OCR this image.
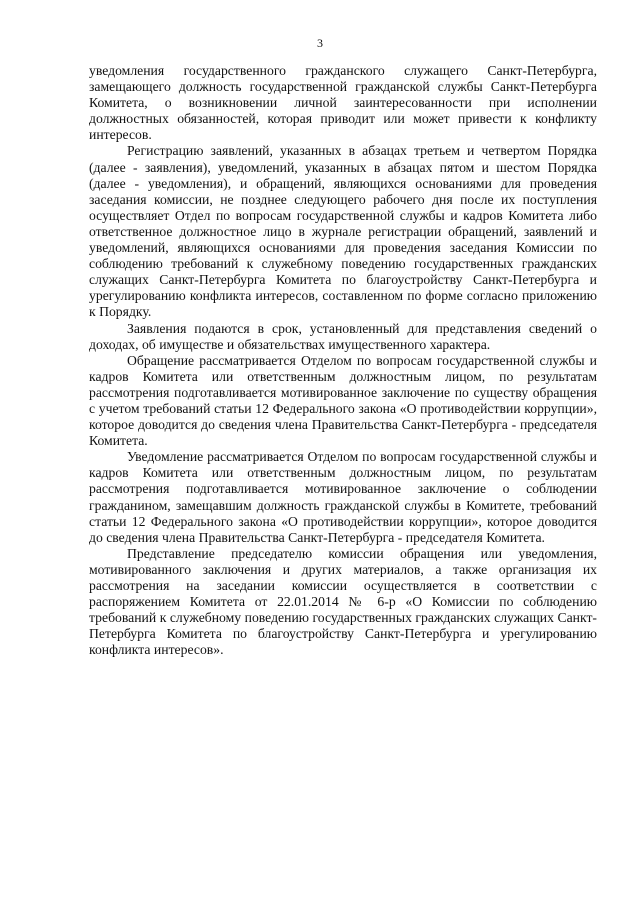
3

уведомления государственного гражданского служащего Санкт-Петербурга, замещающего должность государственной гражданской службы Санкт-Петербурга Комитета, о возникновении личной заинтересованности при исполнении должностных обязанностей, которая приводит или может привести к конфликту интересов.

Регистрацию заявлений, указанных в абзацах третьем и четвертом Порядка (далее - заявления), уведомлений, указанных в абзацах пятом и шестом Порядка (далее - уведомления), и обращений, являющихся основаниями для проведения заседания комиссии, не позднее следующего рабочего дня после их поступления осуществляет Отдел по вопросам государственной службы и кадров Комитета либо ответственное должностное лицо в журнале регистрации обращений, заявлений и уведомлений, являющихся основаниями для проведения заседания Комиссии по соблюдению требований к служебному поведению государственных гражданских служащих Санкт-Петербурга Комитета по благоустройству Санкт-Петербурга и урегулированию конфликта интересов, составленном по форме согласно приложению к Порядку.

Заявления подаются в срок, установленный для представления сведений о доходах, об имуществе и обязательствах имущественного характера.

Обращение рассматривается Отделом по вопросам государственной службы и кадров Комитета или ответственным должностным лицом, по результатам рассмотрения подготавливается мотивированное заключение по существу обращения с учетом требований статьи 12 Федерального закона «О противодействии коррупции», которое доводится до сведения члена Правительства Санкт-Петербурга - председателя Комитета.

Уведомление рассматривается Отделом по вопросам государственной службы и кадров Комитета или ответственным должностным лицом, по результатам рассмотрения подготавливается мотивированное заключение о соблюдении гражданином, замещавшим должность гражданской службы в Комитете, требований статьи 12 Федерального закона «О противодействии коррупции», которое доводится до сведения члена Правительства Санкт-Петербурга - председателя Комитета.

Представление председателю комиссии обращения или уведомления, мотивированного заключения и других материалов, а также организация их рассмотрения на заседании комиссии осуществляется в соответствии с распоряжением Комитета от 22.01.2014 № 6-р «О Комиссии по соблюдению требований к служебному поведению государственных гражданских служащих Санкт-Петербурга Комитета по благоустройству Санкт-Петербурга и урегулированию конфликта интересов».
